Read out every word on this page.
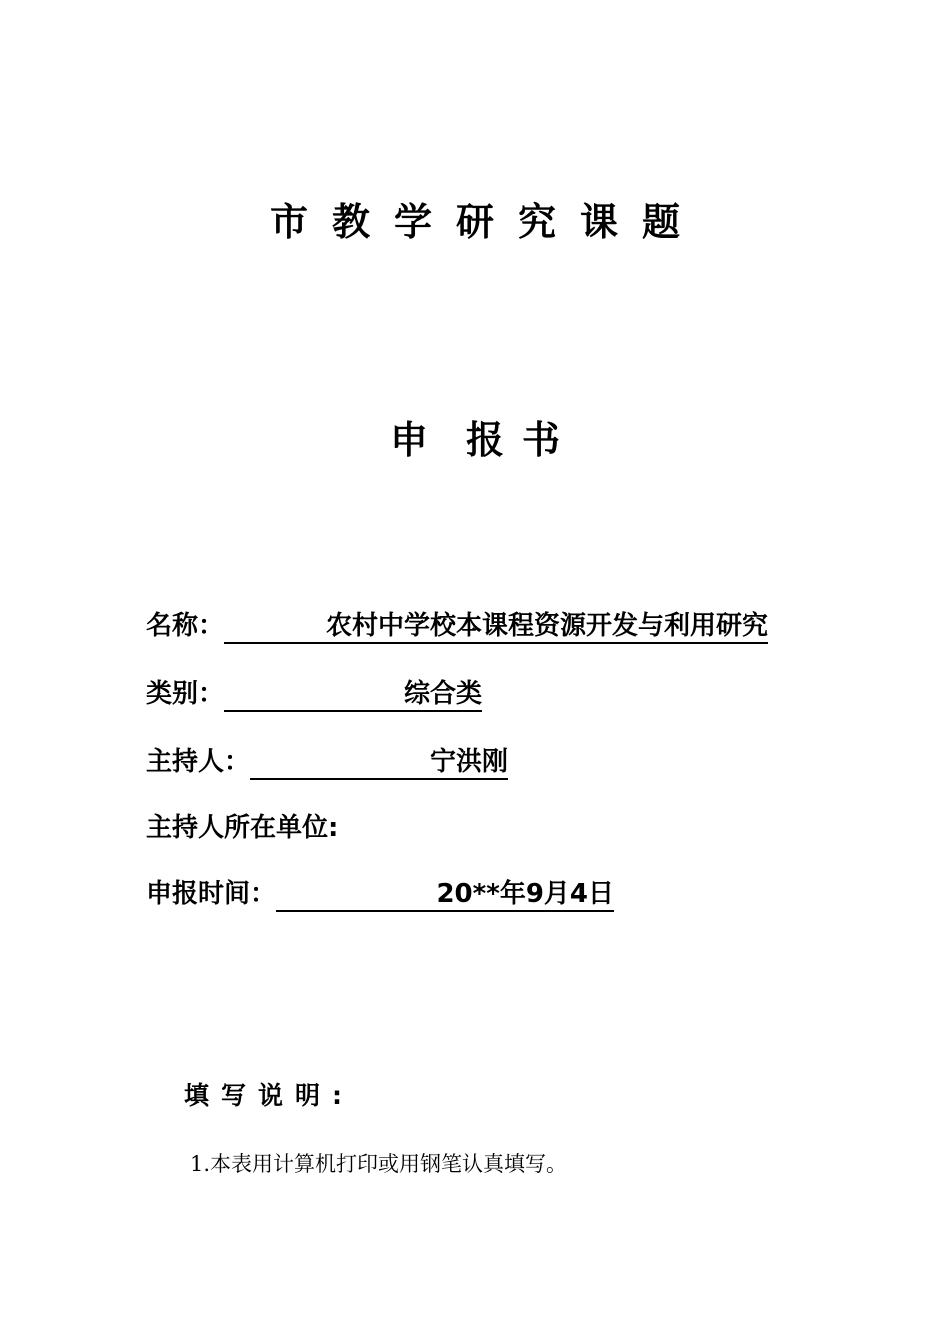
市教学研究课题
申 报 书
名称：	农村中学校本课程资源开发与利用研究
类别：	综合类
主持人：	宁洪刚
主持人所在单位:
申报时间：	20**年9月4日
填写说明:
1.本表用计算机打印或用钢笔认真填写。
